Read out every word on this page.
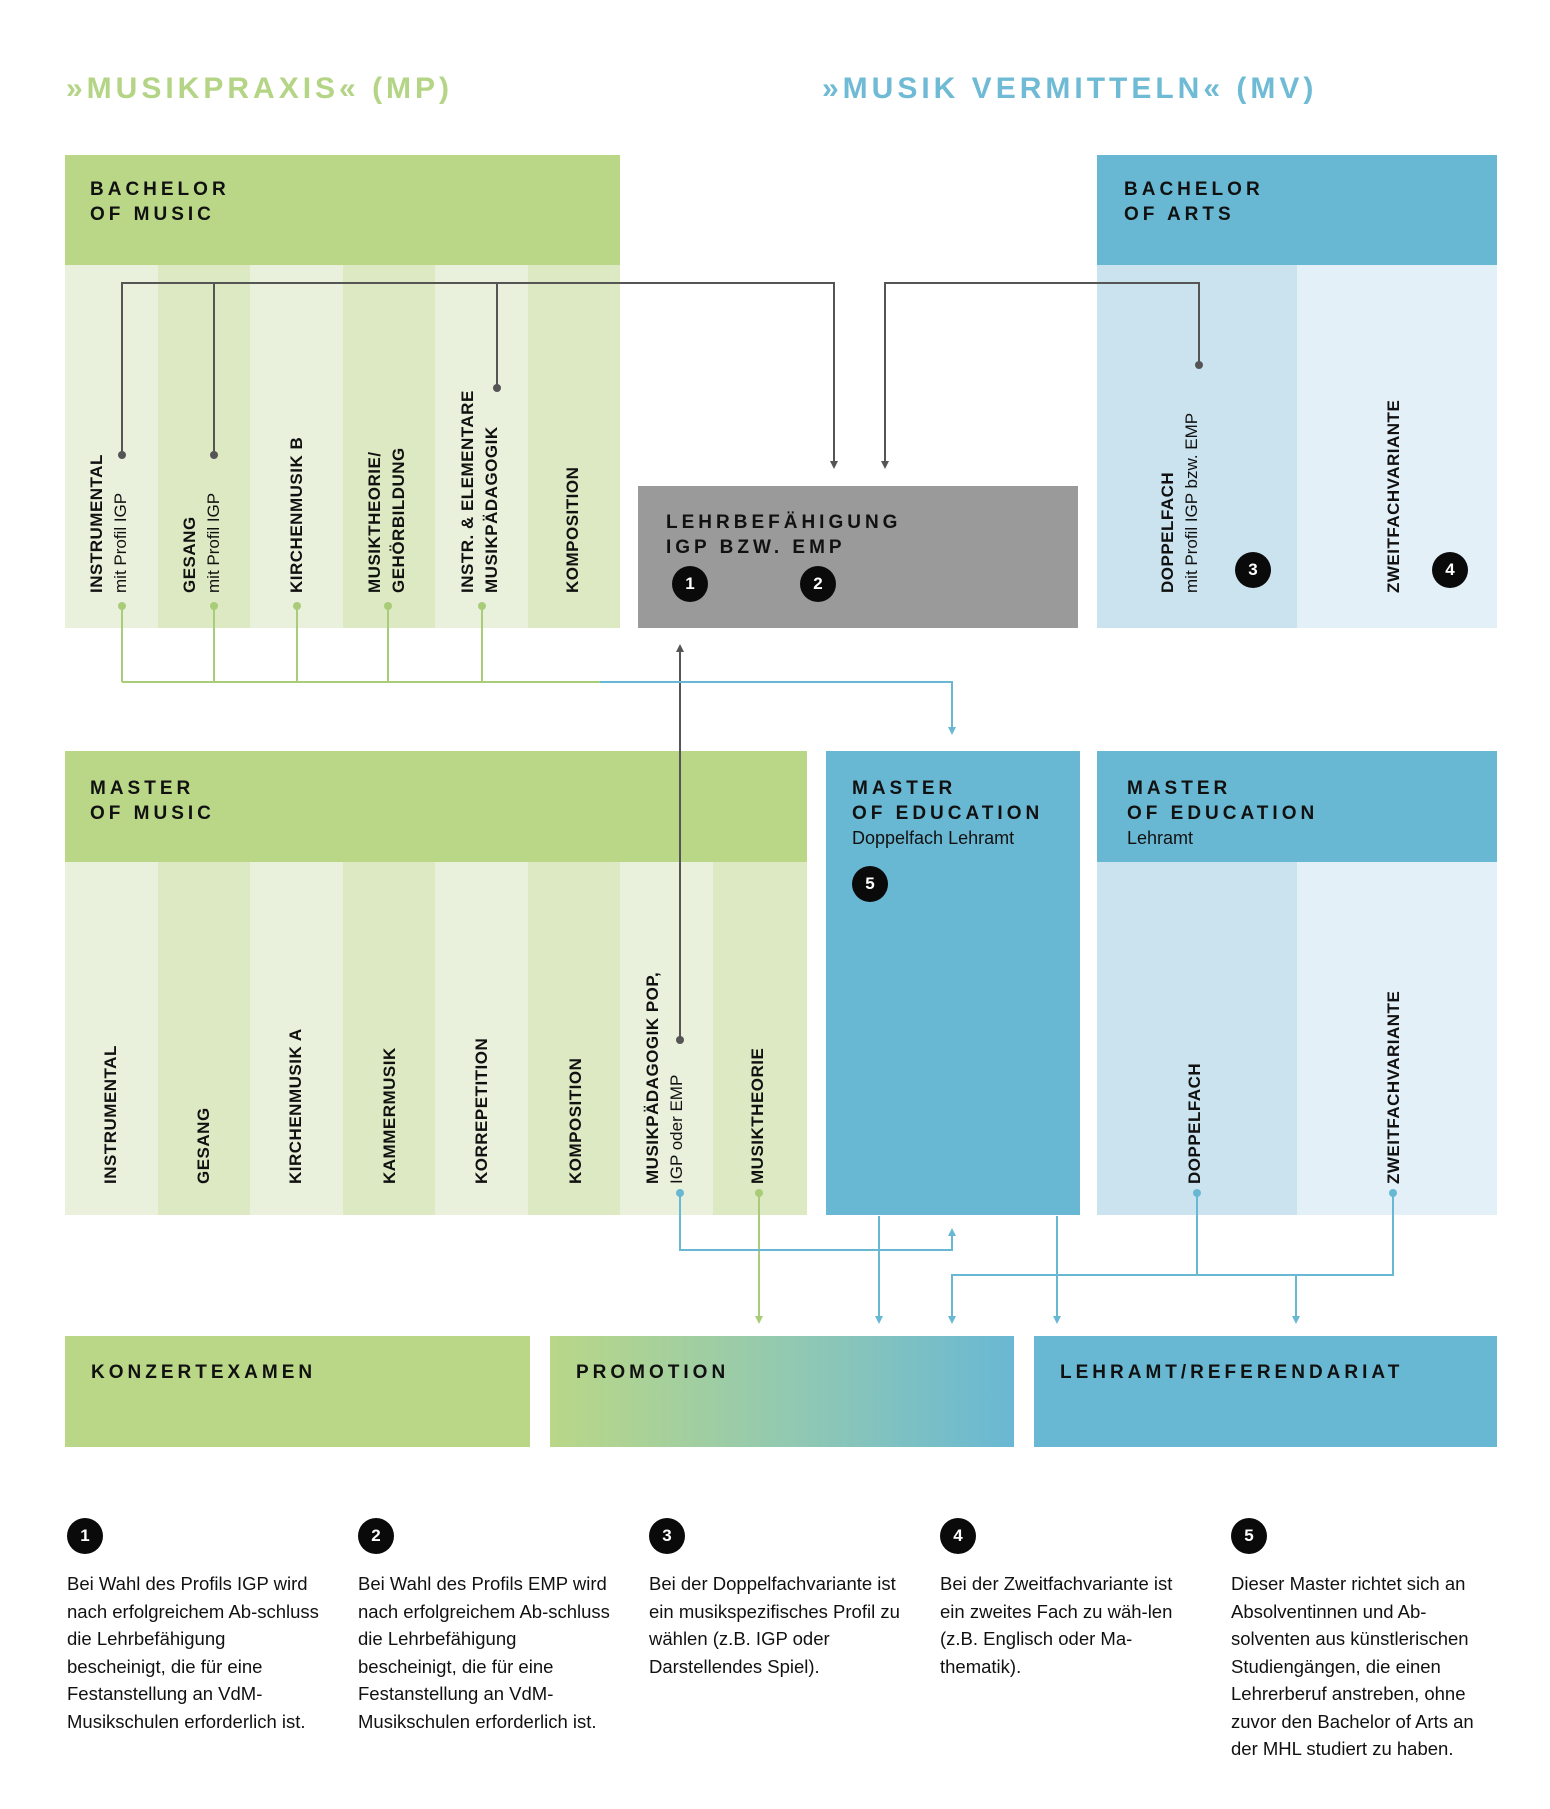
»MUSIKPRAXIS« (MP)	»MUSIK VERMITTELN« (MV)
BACHELOR
OF MUSIC
INSTRUMENTAL mit Profil IGP	GESANG mit Profil IGP	KIRCHENMUSIK B	MUSIKTHEORIE/ GEHÖRBILDUNG	INSTR. & ELEMENTARE MUSIKPÄDAGOGIK	KOMPOSITION
BACHELOR
OF ARTS
DOPPELFACH mit Profil IGP bzw. EMP	ZWEITFACHVARIANTE
3	4
LEHRBEFÄHIGUNG
IGP BZW. EMP
1	2
MASTER
OF MUSIC
INSTRUMENTAL	GESANG	KIRCHENMUSIK A	KAMMERMUSIK	KORREPETITION	KOMPOSITION	MUSIKPÄDAGOGIK POP, IGP oder EMP	MUSIKTHEORIE
MASTER
OF EDUCATION
Doppelfach Lehramt
5
MASTER
OF EDUCATION
Lehramt
DOPPELFACH	ZWEITFACHVARIANTE
KONZERTEXAMEN	PROMOTION	LEHRAMT/REFERENDARIAT
1
Bei Wahl des Profils IGP wird nach erfolgreichem Ab-schluss die Lehrbefähigung bescheinigt, die für eine Festanstellung an VdM-Musikschulen erforderlich ist.
2
Bei Wahl des Profils EMP wird nach erfolgreichem Ab-schluss die Lehrbefähigung bescheinigt, die für eine Festanstellung an VdM-Musikschulen erforderlich ist.
3
Bei der Doppelfachvariante ist ein musikspezifisches Profil zu wählen (z.B. IGP oder Darstellendes Spiel).
4
Bei der Zweitfachvariante ist ein zweites Fach zu wäh-len (z.B. Englisch oder Ma-thematik).
5
Dieser Master richtet sich an Absolventinnen und Ab-solventen aus künstlerischen Studiengängen, die einen Lehrerberuf anstreben, ohne zuvor den Bachelor of Arts an der MHL studiert zu haben.
